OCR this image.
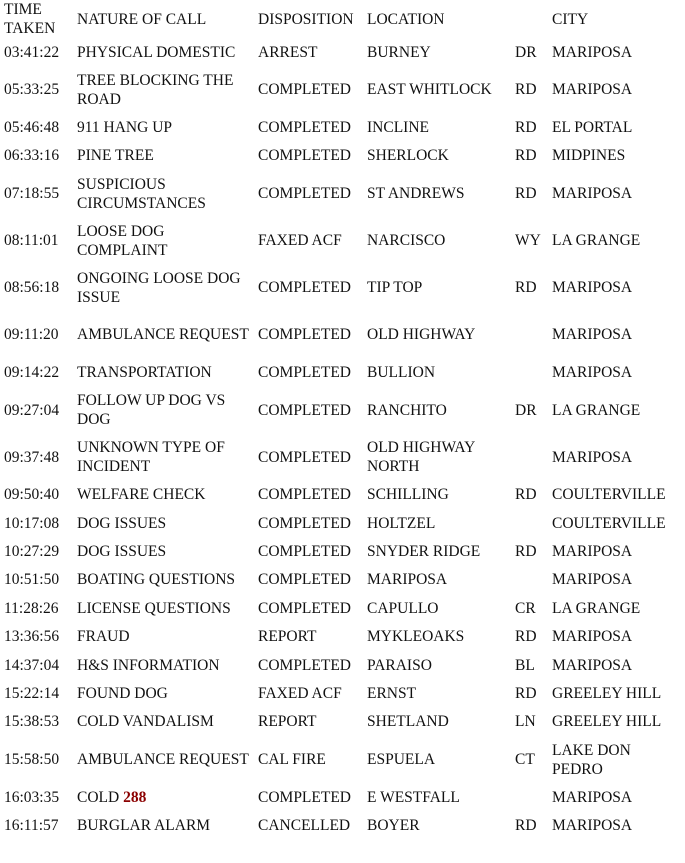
TIME TAKEN	NATURE OF CALL	DISPOSITION	LOCATION		CITY
03:41:22	PHYSICAL DOMESTIC	ARREST	BURNEY	DR	MARIPOSA
05:33:25	TREE BLOCKING THE ROAD	COMPLETED	EAST WHITLOCK	RD	MARIPOSA
05:46:48	911 HANG UP	COMPLETED	INCLINE	RD	EL PORTAL
06:33:16	PINE TREE	COMPLETED	SHERLOCK	RD	MIDPINES
07:18:55	SUSPICIOUS CIRCUMSTANCES	COMPLETED	ST ANDREWS	RD	MARIPOSA
08:11:01	LOOSE DOG COMPLAINT	FAXED ACF	NARCISCO	WY	LA GRANGE
08:56:18	ONGOING LOOSE DOG ISSUE	COMPLETED	TIP TOP	RD	MARIPOSA
09:11:20	AMBULANCE REQUEST	COMPLETED	OLD HIGHWAY		MARIPOSA
09:14:22	TRANSPORTATION	COMPLETED	BULLION		MARIPOSA
09:27:04	FOLLOW UP DOG VS DOG	COMPLETED	RANCHITO	DR	LA GRANGE
09:37:48	UNKNOWN TYPE OF INCIDENT	COMPLETED	OLD HIGHWAY NORTH		MARIPOSA
09:50:40	WELFARE CHECK	COMPLETED	SCHILLING	RD	COULTERVILLE
10:17:08	DOG ISSUES	COMPLETED	HOLTZEL		COULTERVILLE
10:27:29	DOG ISSUES	COMPLETED	SNYDER RIDGE	RD	MARIPOSA
10:51:50	BOATING QUESTIONS	COMPLETED	MARIPOSA		MARIPOSA
11:28:26	LICENSE QUESTIONS	COMPLETED	CAPULLO	CR	LA GRANGE
13:36:56	FRAUD	REPORT	MYKLEOAKS	RD	MARIPOSA
14:37:04	H&S INFORMATION	COMPLETED	PARAISO	BL	MARIPOSA
15:22:14	FOUND DOG	FAXED ACF	ERNST	RD	GREELEY HILL
15:38:53	COLD VANDALISM	REPORT	SHETLAND	LN	GREELEY HILL
15:58:50	AMBULANCE REQUEST	CAL FIRE	ESPUELA	CT	LAKE DON PEDRO
16:03:35	COLD 288	COMPLETED	E WESTFALL		MARIPOSA
16:11:57	BURGLAR ALARM	CANCELLED	BOYER	RD	MARIPOSA
